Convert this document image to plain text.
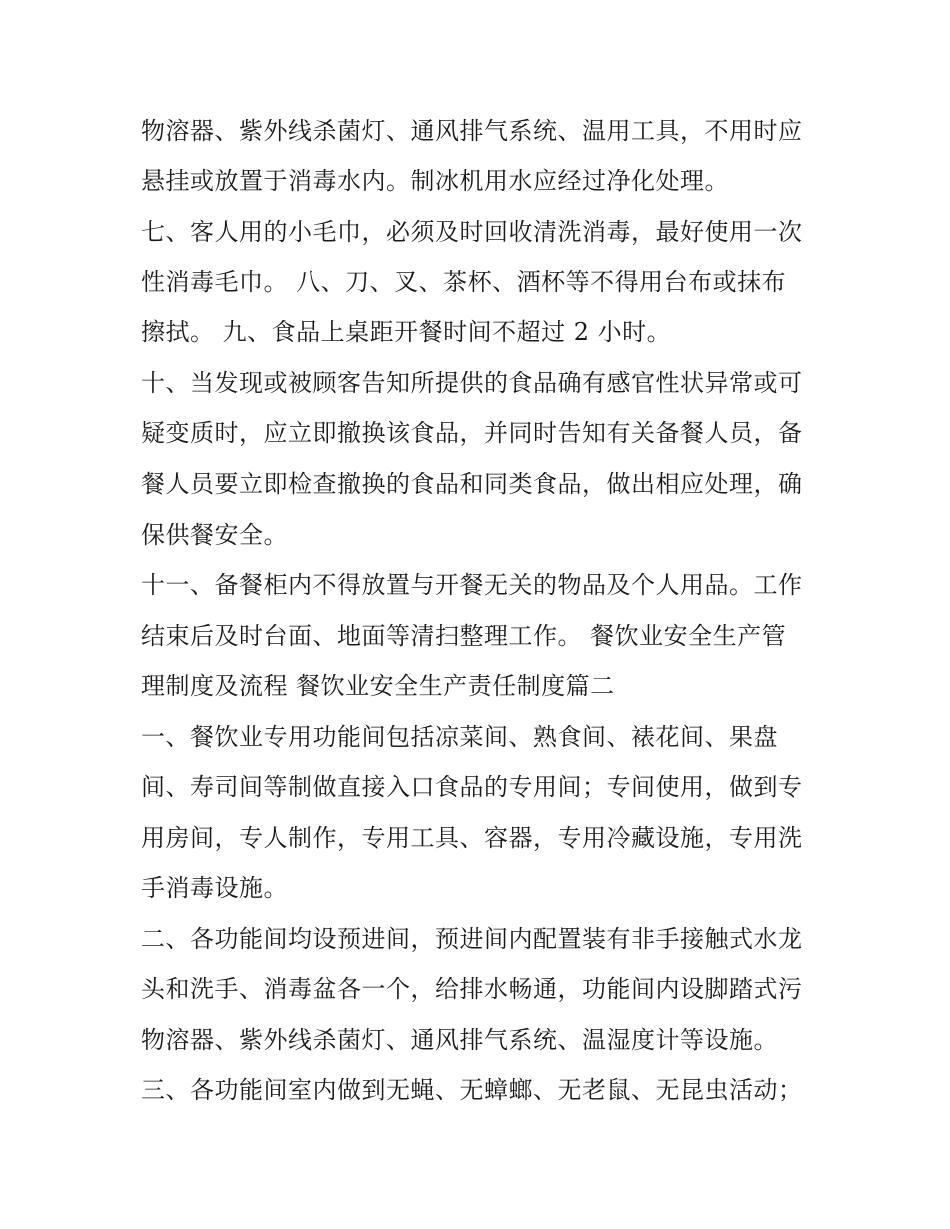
物溶器、紫外线杀菌灯、通风排气系统、温用工具，不用时应
悬挂或放置于消毒水内。制冰机用水应经过净化处理。
七、客人用的小毛巾，必须及时回收清洗消毒，最好使用一次
性消毒毛巾。 八、刀、叉、茶杯、酒杯等不得用台布或抹布
擦拭。 九、食品上桌距开餐时间不超过 2 小时。
十、当发现或被顾客告知所提供的食品确有感官性状异常或可
疑变质时，应立即撤换该食品，并同时告知有关备餐人员，备
餐人员要立即检查撤换的食品和同类食品，做出相应处理，确
保供餐安全。
十一、备餐柜内不得放置与开餐无关的物品及个人用品。工作
结束后及时台面、地面等清扫整理工作。 餐饮业安全生产管
理制度及流程 餐饮业安全生产责任制度篇二
一、餐饮业专用功能间包括凉菜间、熟食间、裱花间、果盘
间、寿司间等制做直接入口食品的专用间；专间使用，做到专
用房间，专人制作，专用工具、容器，专用冷藏设施，专用洗
手消毒设施。
二、各功能间均设预进间，预进间内配置装有非手接触式水龙
头和洗手、消毒盆各一个，给排水畅通，功能间内设脚踏式污
物溶器、紫外线杀菌灯、通风排气系统、温湿度计等设施。
三、各功能间室内做到无蝇、无蟑螂、无老鼠、无昆虫活动；
